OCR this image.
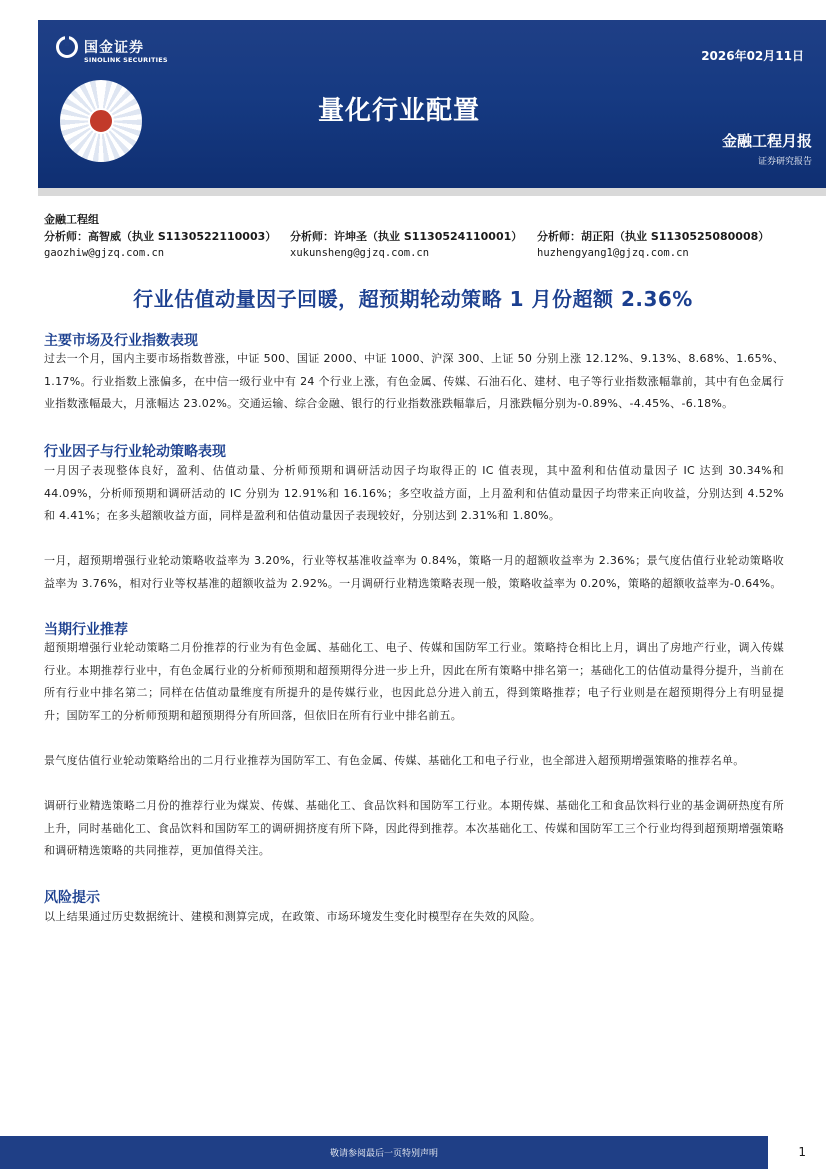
国金证券
SINOLINK SECURITIES	2026年02月11日
量化行业配置
金融工程月报
证券研究报告
金融工程组
分析师：高智威（执业 S1130522110003）
gaozhiw@gjzq.com.cn
分析师：许坤圣（执业 S1130524110001）
xukunsheng@gjzq.com.cn
分析师：胡正阳（执业 S1130525080008）
huzhengyang1@gjzq.com.cn
行业估值动量因子回暖，超预期轮动策略 1 月份超额 2.36%
主要市场及行业指数表现
过去一个月，国内主要市场指数普涨，中证 500、国证 2000、中证 1000、沪深 300、上证 50 分别上涨 12.12%、9.13%、8.68%、1.65%、1.17%。行业指数上涨偏多，在中信一级行业中有 24 个行业上涨，有色金属、传媒、石油石化、建材、电子等行业指数涨幅靠前，其中有色金属行业指数涨幅最大，月涨幅达 23.02%。交通运输、综合金融、银行的行业指数涨跌幅靠后，月涨跌幅分别为-0.89%、-4.45%、-6.18%。
行业因子与行业轮动策略表现
一月因子表现整体良好，盈利、估值动量、分析师预期和调研活动因子均取得正的 IC 值表现，其中盈利和估值动量因子 IC 达到 30.34%和 44.09%，分析师预期和调研活动的 IC 分别为 12.91%和 16.16%；多空收益方面，上月盈利和估值动量因子均带来正向收益，分别达到 4.52%和 4.41%；在多头超额收益方面，同样是盈利和估值动量因子表现较好，分别达到 2.31%和 1.80%。
一月，超预期增强行业轮动策略收益率为 3.20%，行业等权基准收益率为 0.84%，策略一月的超额收益率为 2.36%；景气度估值行业轮动策略收益率为 3.76%，相对行业等权基准的超额收益为 2.92%。一月调研行业精选策略表现一般，策略收益率为 0.20%，策略的超额收益率为-0.64%。
当期行业推荐
超预期增强行业轮动策略二月份推荐的行业为有色金属、基础化工、电子、传媒和国防军工行业。策略持仓相比上月，调出了房地产行业，调入传媒行业。本期推荐行业中，有色金属行业的分析师预期和超预期得分进一步上升，因此在所有策略中排名第一；基础化工的估值动量得分提升，当前在所有行业中排名第二；同样在估值动量维度有所提升的是传媒行业，也因此总分进入前五，得到策略推荐；电子行业则是在超预期得分上有明显提升；国防军工的分析师预期和超预期得分有所回落，但依旧在所有行业中排名前五。
景气度估值行业轮动策略给出的二月行业推荐为国防军工、有色金属、传媒、基础化工和电子行业，也全部进入超预期增强策略的推荐名单。
调研行业精选策略二月份的推荐行业为煤炭、传媒、基础化工、食品饮料和国防军工行业。本期传媒、基础化工和食品饮料行业的基金调研热度有所上升，同时基础化工、食品饮料和国防军工的调研拥挤度有所下降，因此得到推荐。本次基础化工、传媒和国防军工三个行业均得到超预期增强策略和调研精选策略的共同推荐，更加值得关注。
风险提示
以上结果通过历史数据统计、建模和测算完成，在政策、市场环境发生变化时模型存在失效的风险。
敬请参阅最后一页特别声明	1
